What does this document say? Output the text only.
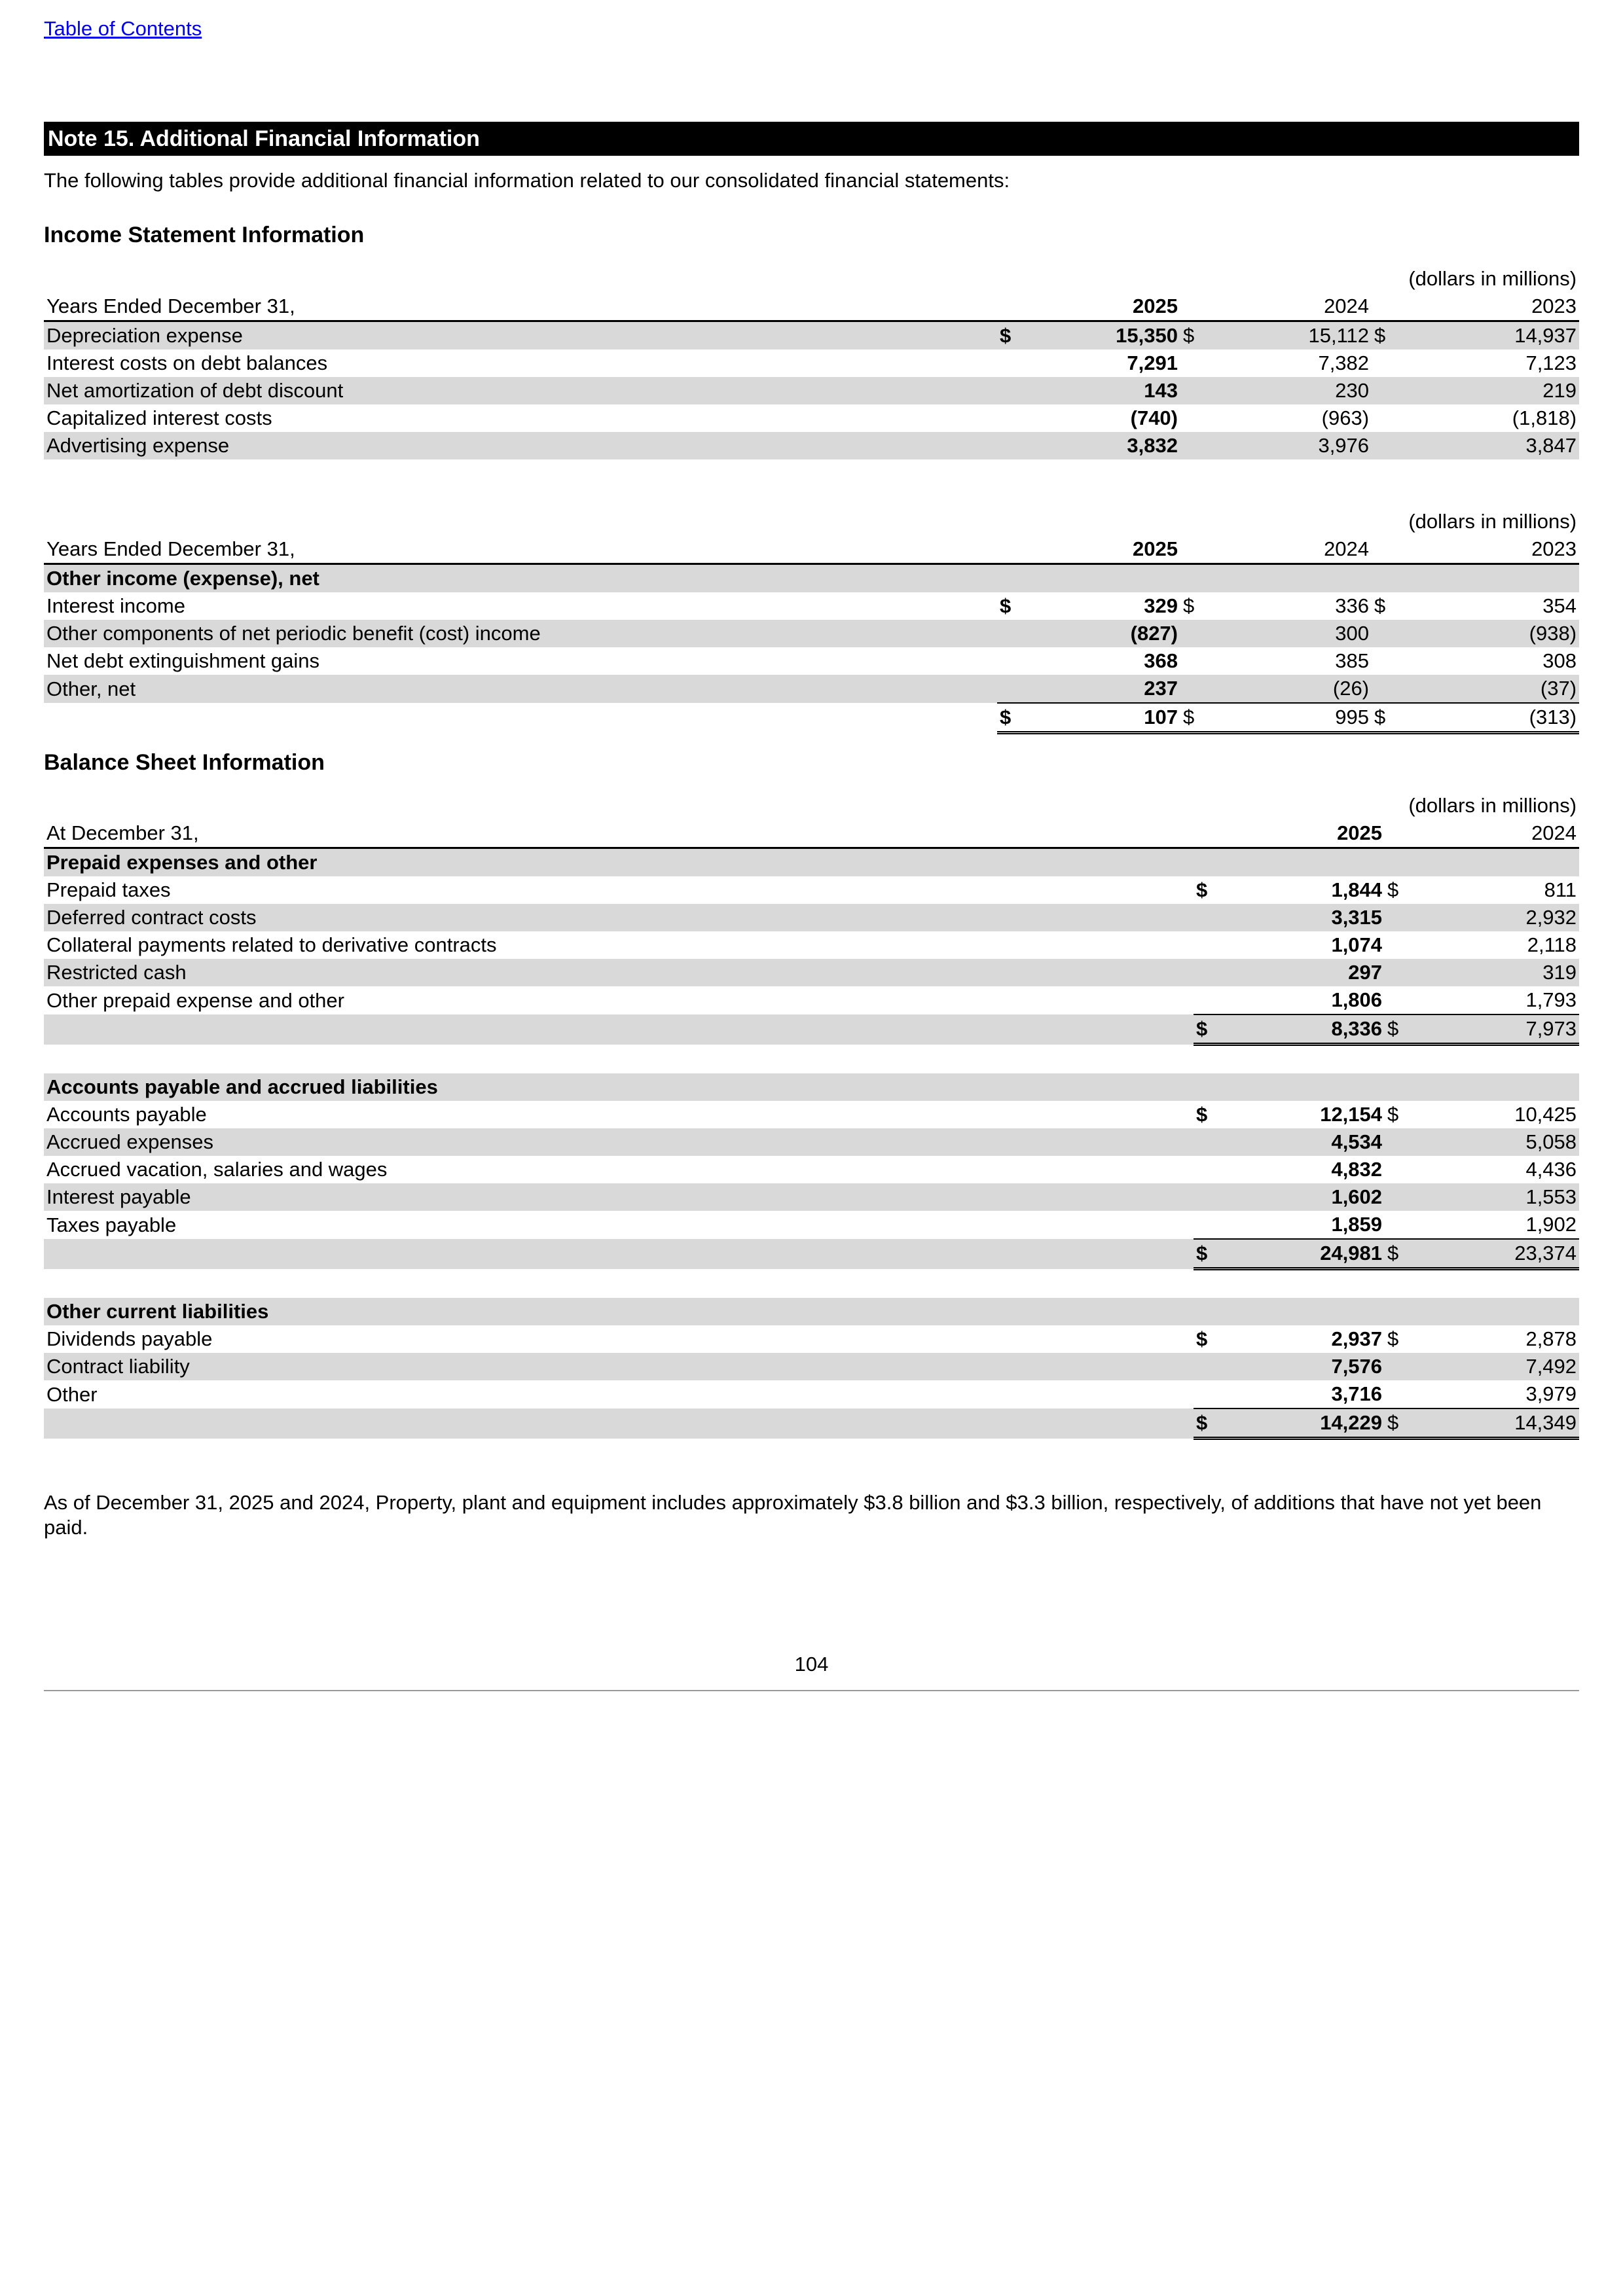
Table of Contents
Note 15. Additional Financial Information
The following tables provide additional financial information related to our consolidated financial statements:
Income Statement Information
					(dollars in millions)	
Years Ended December 31,		2025		2024		2023
Depreciation expense	$	15,350	$	15,112	$	14,937
Interest costs on debt balances		7,291		7,382		7,123
Net amortization of debt discount		143		230		219
Capitalized interest costs		(740)		(963)		(1,818)
Advertising expense		3,832		3,976		3,847
					(dollars in millions)	
Years Ended December 31,		2025		2024		2023
Other income (expense), net						
Interest income	$	329	$	336	$	354
Other components of net periodic benefit (cost) income		(827)		300		(938)
Net debt extinguishment gains		368		385		308
Other, net		237		(26)		(37)
	$	107	$	995	$	(313)
Balance Sheet Information
			(dollars in millions)	
At December 31,		2025		2024
Prepaid expenses and other				
Prepaid taxes	$	1,844	$	811
Deferred contract costs		3,315		2,932
Collateral payments related to derivative contracts		1,074		2,118
Restricted cash		297		319
Other prepaid expense and other		1,806		1,793
	$	8,336	$	7,973

Accounts payable and accrued liabilities				
Accounts payable	$	12,154	$	10,425
Accrued expenses		4,534		5,058
Accrued vacation, salaries and wages		4,832		4,436
Interest payable		1,602		1,553
Taxes payable		1,859		1,902
	$	24,981	$	23,374

Other current liabilities				
Dividends payable	$	2,937	$	2,878
Contract liability		7,576		7,492
Other		3,716		3,979
	$	14,229	$	14,349
As of December 31, 2025 and 2024, Property, plant and equipment includes approximately $3.8 billion and $3.3 billion, respectively, of additions that have not yet been paid.
104
